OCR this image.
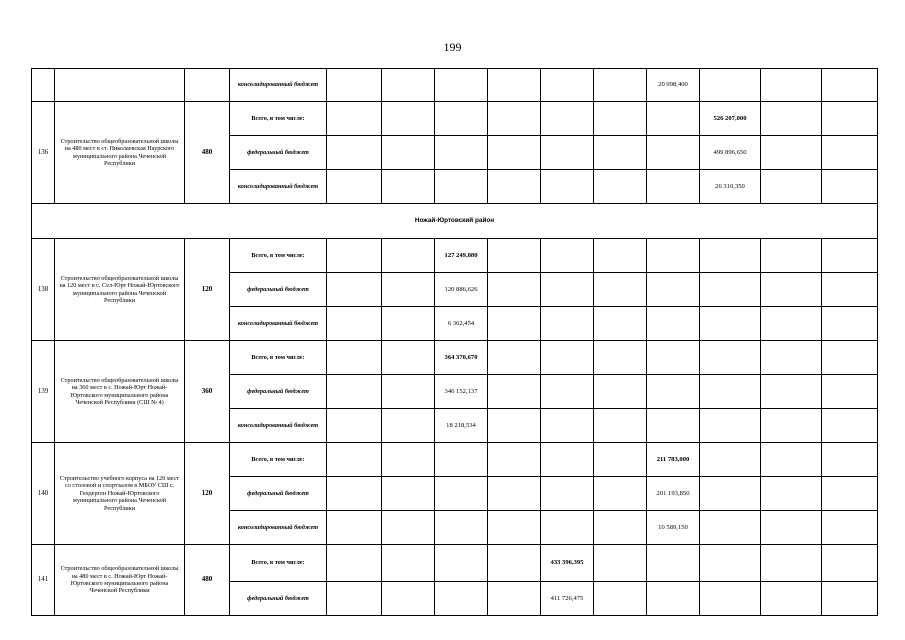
199
			консолидированный бюджет							20 998,400			
136	Строительство общеобразовательной школы на 480 мест в ст. Николаевская Наурского муниципального района Чеченской Республики	480	Всего, в том числе:								526 207,000		
			федеральный бюджет								499 896,650		
			консолидированный бюджет								26 310,350		
Ножай-Юртовский район													
138	Строительство общеобразовательной школы на 120 мест в с. Сел-Юрт Ножай-Юртовского муниципального района Чеченской Республики	120	Всего, в том числе:			127 249,080							
			федеральный бюджет			120 886,626							
			консолидированный бюджет			6 362,454							
139	Строительство общеобразовательной школы на 360 мест в с. Ножай-Юрт Ножай-Юртовского муниципального района Чеченской Республики (СШ № 4)	360	Всего, в том числе:			364 370,670							
			федеральный бюджет			346 152,137							
			консолидированный бюджет			18 218,534							
140	Строительство учебного корпуса на 120 мест со столовой и спортзалом в МБОУ СШ с. Гендерген Ножай-Юртовского муниципального района Чеченской Республики	120	Всего, в том числе:							211 783,000			
			федеральный бюджет							201 193,850			
			консолидированный бюджет							10 589,150			
141	Строительство общеобразовательной школы на 480 мест в с. Ножай-Юрт Ножай-Юртовского муниципального района Чеченской Республики	480	Всего, в том числе:					433 396,395					
			федеральный бюджет					411 726,475					
